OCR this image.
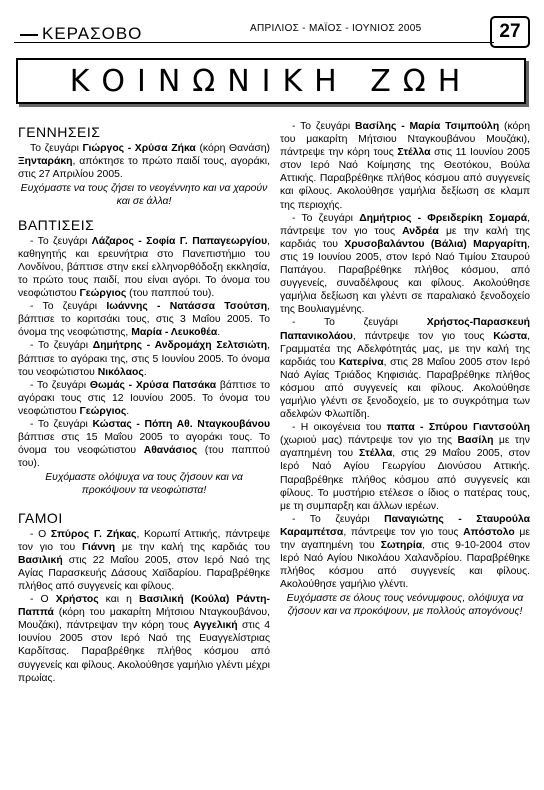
ΚΕΡΑΣΟΒΟ	ΑΠΡΙΛΙΟΣ - ΜΑΪΟΣ - ΙΟΥΝΙΟΣ 2005	27
ΚΟΙΝΩΝΙΚΗ ΖΩΗ
ΓΕΝΝΗΣΕΙΣ

Το ζευγάρι Γιώργος - Χρύσα Ζήκα (κόρη Θανάση) Ξηνταράκη, απόκτησε το πρώτο παιδί τους, αγοράκι, στις 27 Απριλίου 2005.

Ευχόμαστε να τους ζήσει το νεογέννητο και να χαρούν και σε άλλα!

ΒΑΠΤΙΣΕΙΣ

- Το ζευγάρι Λάζαρος - Σοφία Γ. Παπαγεωργίου, καθηγητής και ερευνήτρια στο Πανεπιστήμιο του Λονδίνου, βάπτισε στην εκεί ελληνορθόδοξη εκκλησία, το πρώτο τους παιδί, που είναι αγόρι. Το όνομα του νεοφώτιστου Γεώργιος (του παππού του).

- Το ζευγάρι Ιωάννης - Νατάσσα Τσούτση, βάπτισε το κοριτσάκι τους, στις 3 Μαΐου 2005. Το όνομα της νεοφώτιστης, Μαρία - Λευκοθέα.

- Το ζευγάρι Δημήτρης - Ανδρομάχη Σελτσιώτη, βάπτισε το αγόρακι της, στις 5 Ιουνίου 2005. Το όνομα του νεοφώτιστου Νικόλαος.

- Το ζευγάρι Θωμάς - Χρύσα Πατσάκα βάπτισε το αγόρακι τους στις 12 Ιουνίου 2005. Το όνομα του νεοφώτιστου Γεώργιος.

- Το ζευγάρι Κώστας - Πόπη Αθ. Νταγκουβάνου βάπτισε στις 15 Μαΐου 2005 το αγοράκι τους. Το όνομα του νεοφώτιστου Αθανάσιος (του παππού του).

Ευχόμαστε ολόψυχα να τους ζήσουν και να προκόψουν τα νεοφώτιστα!

ΓΑΜΟΙ

- Ο Σπύρος Γ. Ζήκας, Κορωπί Αττικής, πάντρεψε τον γιο του Γιάννη με την καλή της καρδιάς του Βασιλική στις 22 Μαΐου 2005, στον Ιερό Ναό της Αγίας Παρασκευής Δάσους Χαϊδαρίου. Παραβρέθηκε πλήθος από συγγενείς και φίλους.

- Ο Χρήστος και η Βασιλική (Κούλα) Ράντη-Παππά (κόρη του μακαρίτη Μήτσιου Νταγκουβάνου, Μουζάκι), πάντρεψαν την κόρη τους Αγγελική στις 4 Ιουνίου 2005 στον Ιερό Ναό της Ευαγγελίστριας Καρδίτσας. Παραβρέθηκε πλήθος κόσμου από συγγενείς και φίλους. Ακολούθησε γαμήλιο γλέντι μέχρι πρωίας.

- Το ζευγάρι Βασίλης - Μαρία Τσιμπούλη (κόρη του μακαρίτη Μήτσιου Νταγκουβάνου Μουζάκι), πάντρεψε την κόρη τους Στέλλα στις 11 Ιουνίου 2005 στον Ιερό Ναό Κοίμησης της Θεοτόκου, Βούλα Αττικής. Παραβρέθηκε πλήθος κόσμου από συγγενείς και φίλους. Ακολούθησε γαμήλια δεξίωση σε κλαμπ της περιοχής.

- Το ζευγάρι Δημήτριος - Φρειδερίκη Σομαρά, πάντρεψε τον γιο τους Ανδρέα με την καλή της καρδιάς του Χρυσοβαλάντου (Βάλια) Μαργαρίτη, στις 19 Ιουνίου 2005, στον Ιερό Ναό Τιμίου Σταυρού Παπάγου. Παραβρέθηκε πλήθος κόσμου, από συγγενείς, συναδέλφους και φίλους. Ακολούθησε γαμήλια δεξίωση και γλέντι σε παραλιακό ξενοδοχείο της Βουλιαγμένης.

- Το ζευγάρι Χρήστος-Παρασκευή Παπανικολάου, πάντρεψε τον γιο τους Κώστα, Γραμματέα της Αδελφότητάς μας, με την καλή της καρδιάς του Κατερίνα, στις 28 Μαΐου 2005 στον Ιερό Ναό Αγίας Τριάδος Κηφισιάς. Παραβρέθηκε πλήθος κόσμου από συγγενείς και φίλους. Ακολούθησε γαμήλιο γλέντι σε ξενοδοχείο, με το συγκρότημα των αδελφών Φλωπίδη.

- Η οικογένεια του παπα - Σπύρου Γιαντσούλη (χωριού μας) πάντρεψε τον γιο της Βασίλη με την αγαπημένη του Στέλλα, στις 29 Μαΐου 2005, στον Ιερό Ναό Αγίου Γεωργίου Διονύσου Αττικής. Παραβρέθηκε πλήθος κόσμου από συγγενείς και φίλους. Το μυστήριο ετέλεσε ο ίδιος ο πατέρας τους, με τη συμπαρξη και άλλων ιερέων.

- Το ζευγάρι Παναγιώτης - Σταυρούλα Καραμπέτσα, πάντρεψε τον γιο τους Απόστολο με την αγαπημένη του Σωτηρία, στις 9-10-2004 στον Ιερό Ναό Αγίου Νικολάου Χαλανδρίου. Παραβρέθηκε πλήθος κόσμου από συγγενείς και φίλους. Ακολούθησε γαμήλιο γλέντι.

Ευχόμαστε σε όλους τους νεόνυμφους, ολόψυχα να ζήσουν και να προκόψουν, με πολλούς απογόνους!
